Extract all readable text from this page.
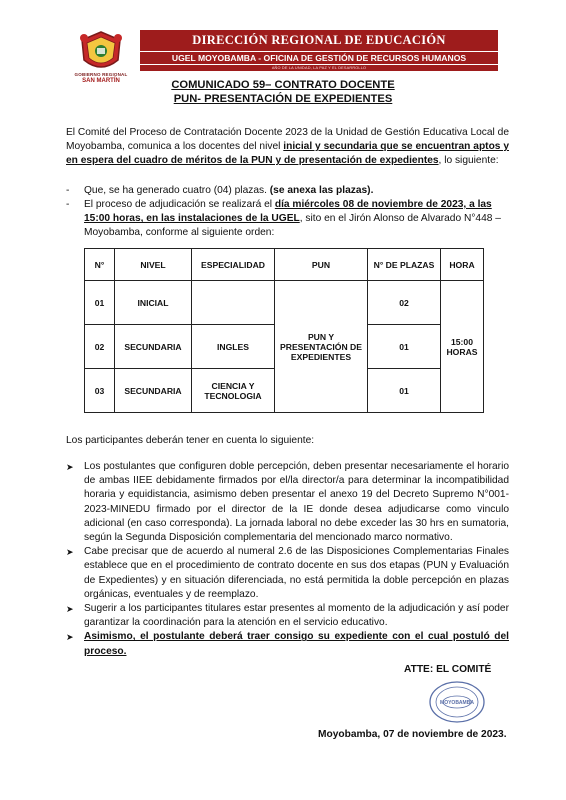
GOBIERNO REGIONAL
SAN MARTÍN
DIRECCIÓN REGIONAL DE EDUCACIÓN
UGEL MOYOBAMBA - OFICINA DE GESTIÓN DE RECURSOS HUMANOS
AÑO DE LA UNIDAD, LA PAZ Y EL DESARROLLO
COMUNICADO 59– CONTRATO DOCENTE
PUN- PRESENTACIÓN DE EXPEDIENTES
El Comité del Proceso de Contratación Docente 2023 de la Unidad de Gestión Educativa Local de Moyobamba, comunica a los docentes del nivel inicial y secundaria que se encuentran aptos y en espera del cuadro de méritos de la PUN y de presentación de expedientes, lo siguiente:
- Que, se ha generado cuatro (04) plazas. (se anexa las plazas).
- El proceso de adjudicación se realizará el día miércoles 08 de noviembre de 2023, a las 15:00 horas, en las instalaciones de la UGEL, sito en el Jirón Alonso de Alvarado N°448 – Moyobamba, conforme al siguiente orden:
N°	NIVEL	ESPECIALIDAD	PUN	N° DE PLAZAS	HORA
01	INICIAL		PUN Y PRESENTACIÓN DE EXPEDIENTES	02	15:00 HORAS
02	SECUNDARIA	INGLES		01	
03	SECUNDARIA	CIENCIA Y TECNOLOGIA		01	
Los participantes deberán tener en cuenta lo siguiente:

➤ Los postulantes que configuren doble percepción, deben presentar necesariamente el horario de ambas IIEE debidamente firmados por el/la director/a para determinar la incompatibilidad horaria y equidistancia, asimismo deben presentar el anexo 19 del Decreto Supremo N°001-2023-MINEDU firmado por el director de la IE donde desea adjudicarse como vinculo adicional (en caso corresponda). La jornada laboral no debe exceder las 30 hrs en sumatoria, según la Segunda Disposición complementaria del mencionado marco normativo.

➤ Cabe precisar que de acuerdo al numeral 2.6 de las Disposiciones Complementarias Finales establece que en el procedimiento de contrato docente en sus dos etapas (PUN y Evaluación de Expedientes) y en situación diferenciada, no está permitida la doble percepción en plazas orgánicas, eventuales y de reemplazo.

➤ Sugerir a los participantes titulares estar presentes al momento de la adjudicación y así poder garantizar la coordinación para la atención en el servicio educativo.

➤ Asimismo, el postulante deberá traer consigo su expediente con el cual postuló del proceso.

ATTE: EL COMITÉ
MOYOBAMBA
Moyobamba, 07 de noviembre de 2023.
